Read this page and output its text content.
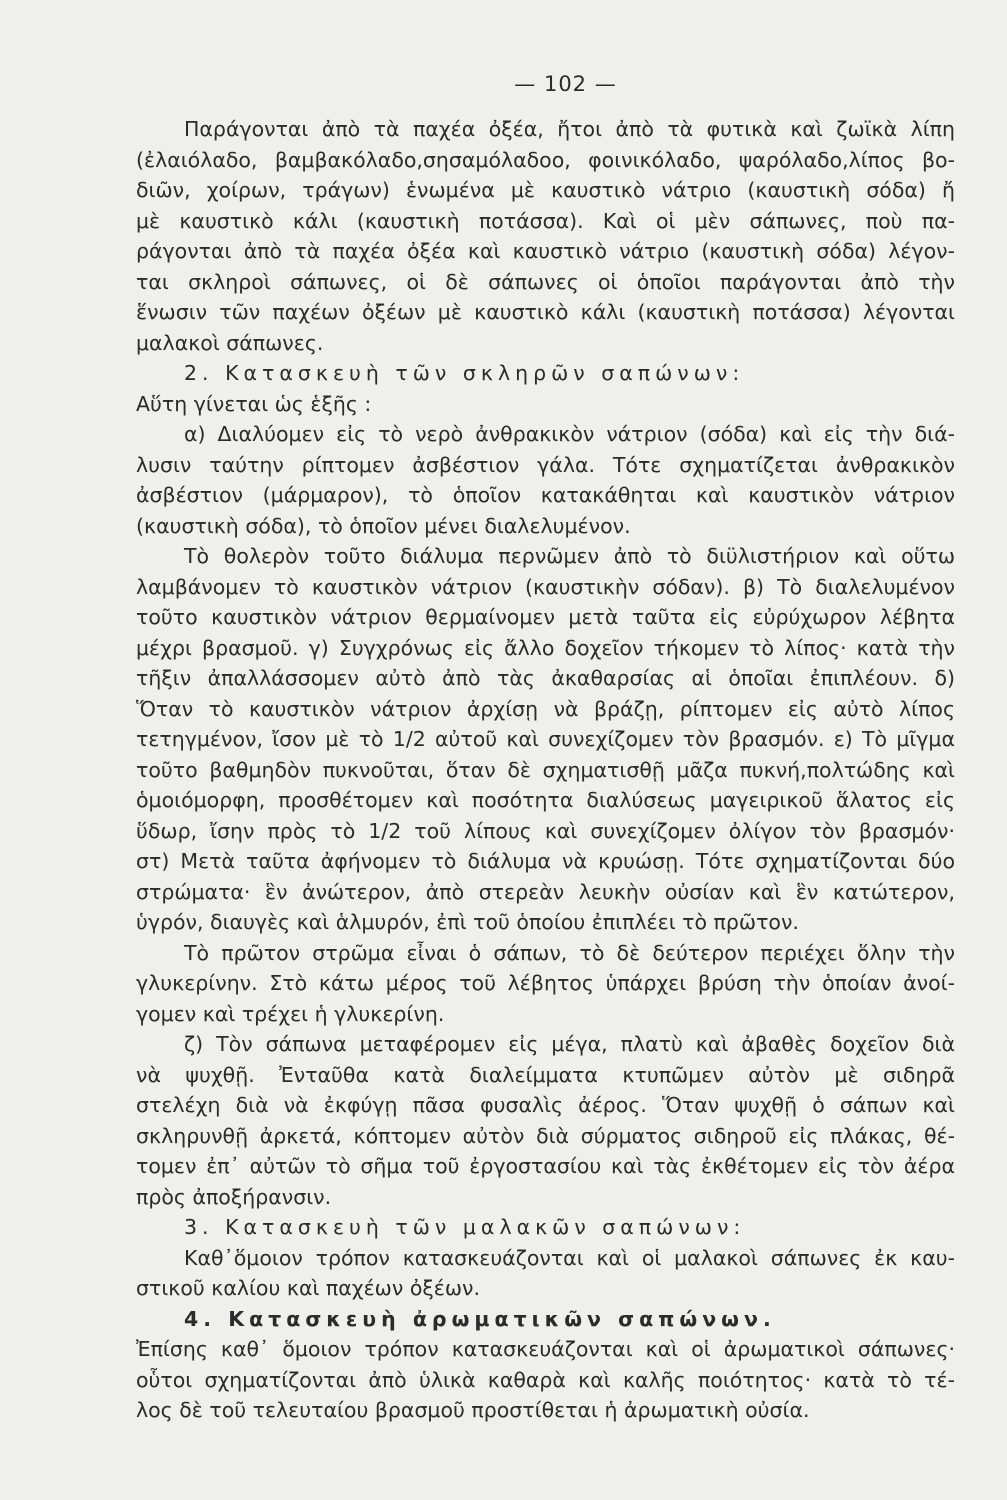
— 102 —
Παράγονται ἀπὸ τὰ παχέα ὀξέα, ἤτοι ἀπὸ τὰ φυτικὰ καὶ ζωϊκὰ λίπη
(ἐλαιόλαδο, βαμβακόλαδο,σησαμόλαδοο, φοινικόλαδο, ψαρόλαδο,λίπος βο-
διῶν, χοίρων, τράγων) ἑνωμένα μὲ καυστικὸ νάτριο (καυστικὴ σόδα) ἤ
μὲ καυστικὸ κάλι (καυστικὴ ποτάσσα). Καὶ οἱ μὲν σάπωνες, ποὺ πα-
ράγονται ἀπὸ τὰ παχέα ὀξέα καὶ καυστικὸ νάτριο (καυστικὴ σόδα) λέγον-
ται σκληροὶ σάπωνες, οἱ δὲ σάπωνες οἱ ὁποῖοι παράγονται ἀπὸ τὴν
ἕνωσιν τῶν παχέων ὀξέων μὲ καυστικὸ κάλι (καυστικὴ ποτάσσα) λέγονται
μαλακοὶ σάπωνες.
2. Κατασκευὴ τῶν σκληρῶν σαπώνων:
Αὕτη γίνεται ὡς ἑξῆς :
α) Διαλύομεν εἰς τὸ νερὸ ἀνθρακικὸν νάτριον (σόδα) καὶ εἰς τὴν διά-
λυσιν ταύτην ρίπτομεν ἀσβέστιον γάλα. Τότε σχηματίζεται ἀνθρακικὸν
ἀσβέστιον (μάρμαρον), τὸ ὁποῖον κατακάθηται καὶ καυστικὸν νάτριον
(καυστικὴ σόδα), τὸ ὁποῖον μένει διαλελυμένον.
Τὸ θολερὸν τοῦτο διάλυμα περνῶμεν ἀπὸ τὸ διϋλιστήριον καὶ οὕτω
λαμβάνομεν τὸ καυστικὸν νάτριον (καυστικὴν σόδαν). β) Τὸ διαλελυμένον
τοῦτο καυστικὸν νάτριον θερμαίνομεν μετὰ ταῦτα εἰς εὐρύχωρον λέβητα
μέχρι βρασμοῦ. γ) Συγχρόνως εἰς ἄλλο δοχεῖον τήκομεν τὸ λίπος· κατὰ τὴν
τῆξιν ἀπαλλάσσομεν αὐτὸ ἀπὸ τὰς ἀκαθαρσίας αἱ ὁποῖαι ἐπιπλέουν. δ)
Ὅταν τὸ καυστικὸν νάτριον ἀρχίσῃ νὰ βράζῃ, ρίπτομεν εἰς αὐτὸ λίπος
τετηγμένον, ἴσον μὲ τὸ 1/2 αὐτοῦ καὶ συνεχίζομεν τὸν βρασμόν. ε) Τὸ μῖγμα
τοῦτο βαθμηδὸν πυκνοῦται, ὅταν δὲ σχηματισθῇ μᾶζα πυκνή,πολτώδης καὶ
ὁμοιόμορφη, προσθέτομεν καὶ ποσότητα διαλύσεως μαγειρικοῦ ἅλατος εἰς
ὕδωρ, ἴσην πρὸς τὸ 1/2 τοῦ λίπους καὶ συνεχίζομεν ὀλίγον τὸν βρασμόν·
στ) Μετὰ ταῦτα ἀφήνομεν τὸ διάλυμα νὰ κρυώσῃ. Τότε σχηματίζονται δύο
στρώματα· ἓν ἀνώτερον, ἀπὸ στερεὰν λευκὴν οὐσίαν καὶ ἓν κατώτερον,
ὑγρόν, διαυγὲς καὶ ἁλμυρόν, ἐπὶ τοῦ ὁποίου ἐπιπλέει τὸ πρῶτον.
Τὸ πρῶτον στρῶμα εἶναι ὁ σάπων, τὸ δὲ δεύτερον περιέχει ὅλην τὴν
γλυκερίνην. Στὸ κάτω μέρος τοῦ λέβητος ὑπάρχει βρύση τὴν ὁποίαν ἀνοί-
γομεν καὶ τρέχει ἡ γλυκερίνη.
ζ) Τὸν σάπωνα μεταφέρομεν εἰς μέγα, πλατὺ καὶ ἀβαθὲς δοχεῖον διὰ
νὰ ψυχθῇ. Ἐνταῦθα κατὰ διαλείμματα κτυπῶμεν αὐτὸν μὲ σιδηρᾶ
στελέχη διὰ νὰ ἐκφύγῃ πᾶσα φυσαλὶς ἀέρος. Ὅταν ψυχθῇ ὁ σάπων καὶ
σκληρυνθῇ ἀρκετά, κόπτομεν αὐτὸν διὰ σύρματος σιδηροῦ εἰς πλάκας, θέ-
τομεν ἐπ᾽ αὐτῶν τὸ σῆμα τοῦ ἐργοστασίου καὶ τὰς ἐκθέτομεν εἰς τὸν ἀέρα
πρὸς ἀποξήρανσιν.
3. Κατασκευὴ τῶν μαλακῶν σαπώνων:
Καθ᾽ὅμοιον τρόπον κατασκευάζονται καὶ οἱ μαλακοὶ σάπωνες ἐκ καυ-
στικοῦ καλίου καὶ παχέων ὀξέων.
4. Κατασκευὴ ἀρωματικῶν σαπώνων.
Ἐπίσης καθ᾽ ὅμοιον τρόπον κατασκευάζονται καὶ οἱ ἀρωματικοὶ σάπωνες·
οὗτοι σχηματίζονται ἀπὸ ὑλικὰ καθαρὰ καὶ καλῆς ποιότητος· κατὰ τὸ τέ-
λος δὲ τοῦ τελευταίου βρασμοῦ προστίθεται ἡ ἀρωματικὴ οὐσία.
